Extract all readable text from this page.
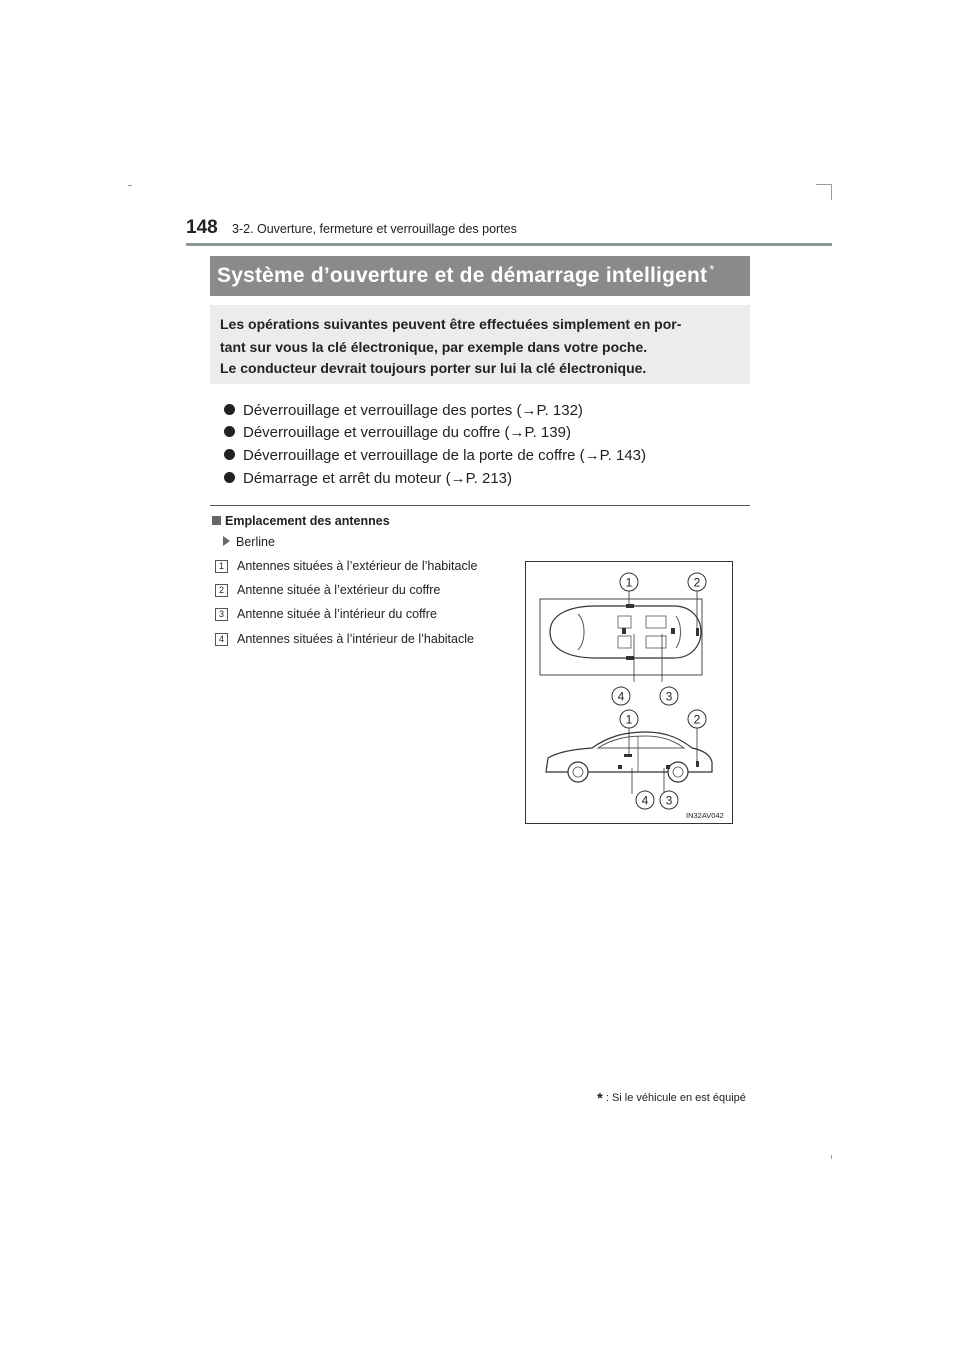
148 3-2. Ouverture, fermeture et verrouillage des portes
Système d’ouverture et de démarrage intelligent *
Les opérations suivantes peuvent être effectuées simplement en por-
tant sur vous la clé électronique, par exemple dans votre poche.
Le conducteur devrait toujours porter sur lui la clé électronique.
Déverrouillage et verrouillage des portes (→P. 132)
Déverrouillage et verrouillage du coffre (→P. 139)
Déverrouillage et verrouillage de la porte de coffre (→P. 143)
Démarrage et arrêt du moteur (→P. 213)
Emplacement des antennes
Berline
1 Antennes situées à l’extérieur de l’habitacle
2 Antenne située à l’extérieur du coffre
3 Antenne située à l’intérieur du coffre
4 Antennes situées à l’intérieur de l’habitacle
1	2
4	3
1	2
4 3
IN32AV042
* : Si le véhicule en est équipé
